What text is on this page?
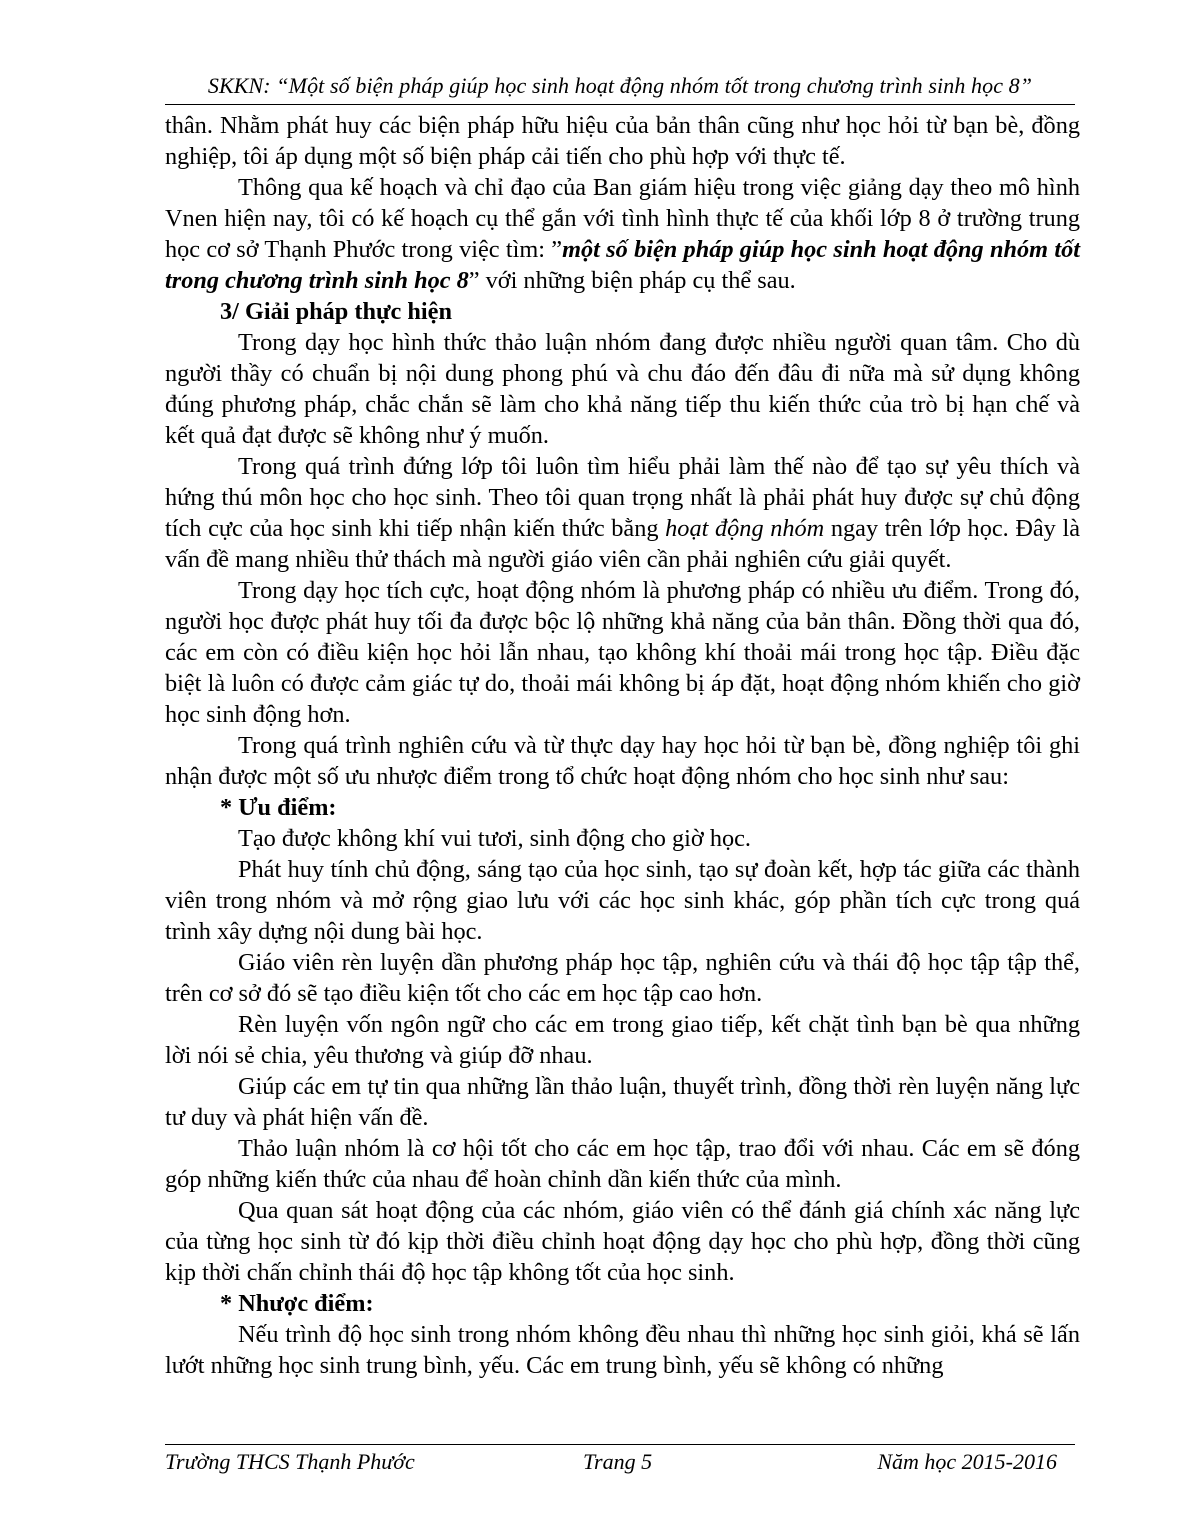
SKKN: “Một số biện pháp giúp học sinh hoạt động nhóm tốt trong chương trình sinh học 8”

thân. Nhằm phát huy các biện pháp hữu hiệu của bản thân cũng như học hỏi từ bạn bè, đồng nghiệp, tôi áp dụng một số biện pháp cải tiến cho phù hợp với thực tế.

Thông qua kế hoạch và chỉ đạo của Ban giám hiệu trong việc giảng dạy theo mô hình Vnen hiện nay, tôi có kế hoạch cụ thể gắn với tình hình thực tế của khối lớp 8 ở trường trung học cơ sở Thạnh Phước trong việc tìm: ”một số biện pháp giúp học sinh hoạt động nhóm tốt trong chương trình sinh học 8” với những biện pháp cụ thể sau.

3/ Giải pháp thực hiện

Trong dạy học hình thức thảo luận nhóm đang được nhiều người quan tâm. Cho dù người thầy có chuẩn bị nội dung phong phú và chu đáo đến đâu đi nữa mà sử dụng không đúng phương pháp, chắc chắn sẽ làm cho khả năng tiếp thu kiến thức của trò bị hạn chế và kết quả đạt được sẽ không như ý muốn.

Trong quá trình đứng lớp tôi luôn tìm hiểu phải làm thế nào để tạo sự yêu thích và hứng thú môn học cho học sinh. Theo tôi quan trọng nhất là phải phát huy được sự chủ động tích cực của học sinh khi tiếp nhận kiến thức bằng hoạt động nhóm ngay trên lớp học. Đây là vấn đề mang nhiều thử thách mà người giáo viên cần phải nghiên cứu giải quyết.

Trong dạy học tích cực, hoạt động nhóm là phương pháp có nhiều ưu điểm. Trong đó, người học được phát huy tối đa được bộc lộ những khả năng của bản thân. Đồng thời qua đó, các em còn có điều kiện học hỏi lẫn nhau, tạo không khí thoải mái trong học tập. Điều đặc biệt là luôn có được cảm giác tự do, thoải mái không bị áp đặt, hoạt động nhóm khiến cho giờ học sinh động hơn.

Trong quá trình nghiên cứu và từ thực dạy hay học hỏi từ bạn bè, đồng nghiệp tôi ghi nhận được một số ưu nhược điểm trong tổ chức hoạt động nhóm cho học sinh như sau:

* Ưu điểm:

Tạo được không khí vui tươi, sinh động cho giờ học.

Phát huy tính chủ động, sáng tạo của học sinh, tạo sự đoàn kết, hợp tác giữa các thành viên trong nhóm và mở rộng giao lưu với các học sinh khác, góp phần tích cực trong quá trình xây dựng nội dung bài học.

Giáo viên rèn luyện dần phương pháp học tập, nghiên cứu và thái độ học tập tập thể, trên cơ sở đó sẽ tạo điều kiện tốt cho các em học tập cao hơn.

Rèn luyện vốn ngôn ngữ cho các em trong giao tiếp, kết chặt tình bạn bè qua những lời nói sẻ chia, yêu thương và giúp đỡ nhau.

Giúp các em tự tin qua những lần thảo luận, thuyết trình, đồng thời rèn luyện năng lực tư duy và phát hiện vấn đề.

Thảo luận nhóm là cơ hội tốt cho các em học tập, trao đổi với nhau. Các em sẽ đóng góp những kiến thức của nhau để hoàn chỉnh dần kiến thức của mình.

Qua quan sát hoạt động của các nhóm, giáo viên có thể đánh giá chính xác năng lực của từng học sinh từ đó kịp thời điều chỉnh hoạt động dạy học cho phù hợp, đồng thời cũng kịp thời chấn chỉnh thái độ học tập không tốt của học sinh.

* Nhược điểm:

Nếu trình độ học sinh trong nhóm không đều nhau thì những học sinh giỏi, khá sẽ lấn lướt những học sinh trung bình, yếu. Các em trung bình, yếu sẽ không có những

Trường THCS Thạnh Phước	Trang 5	Năm học 2015-2016
